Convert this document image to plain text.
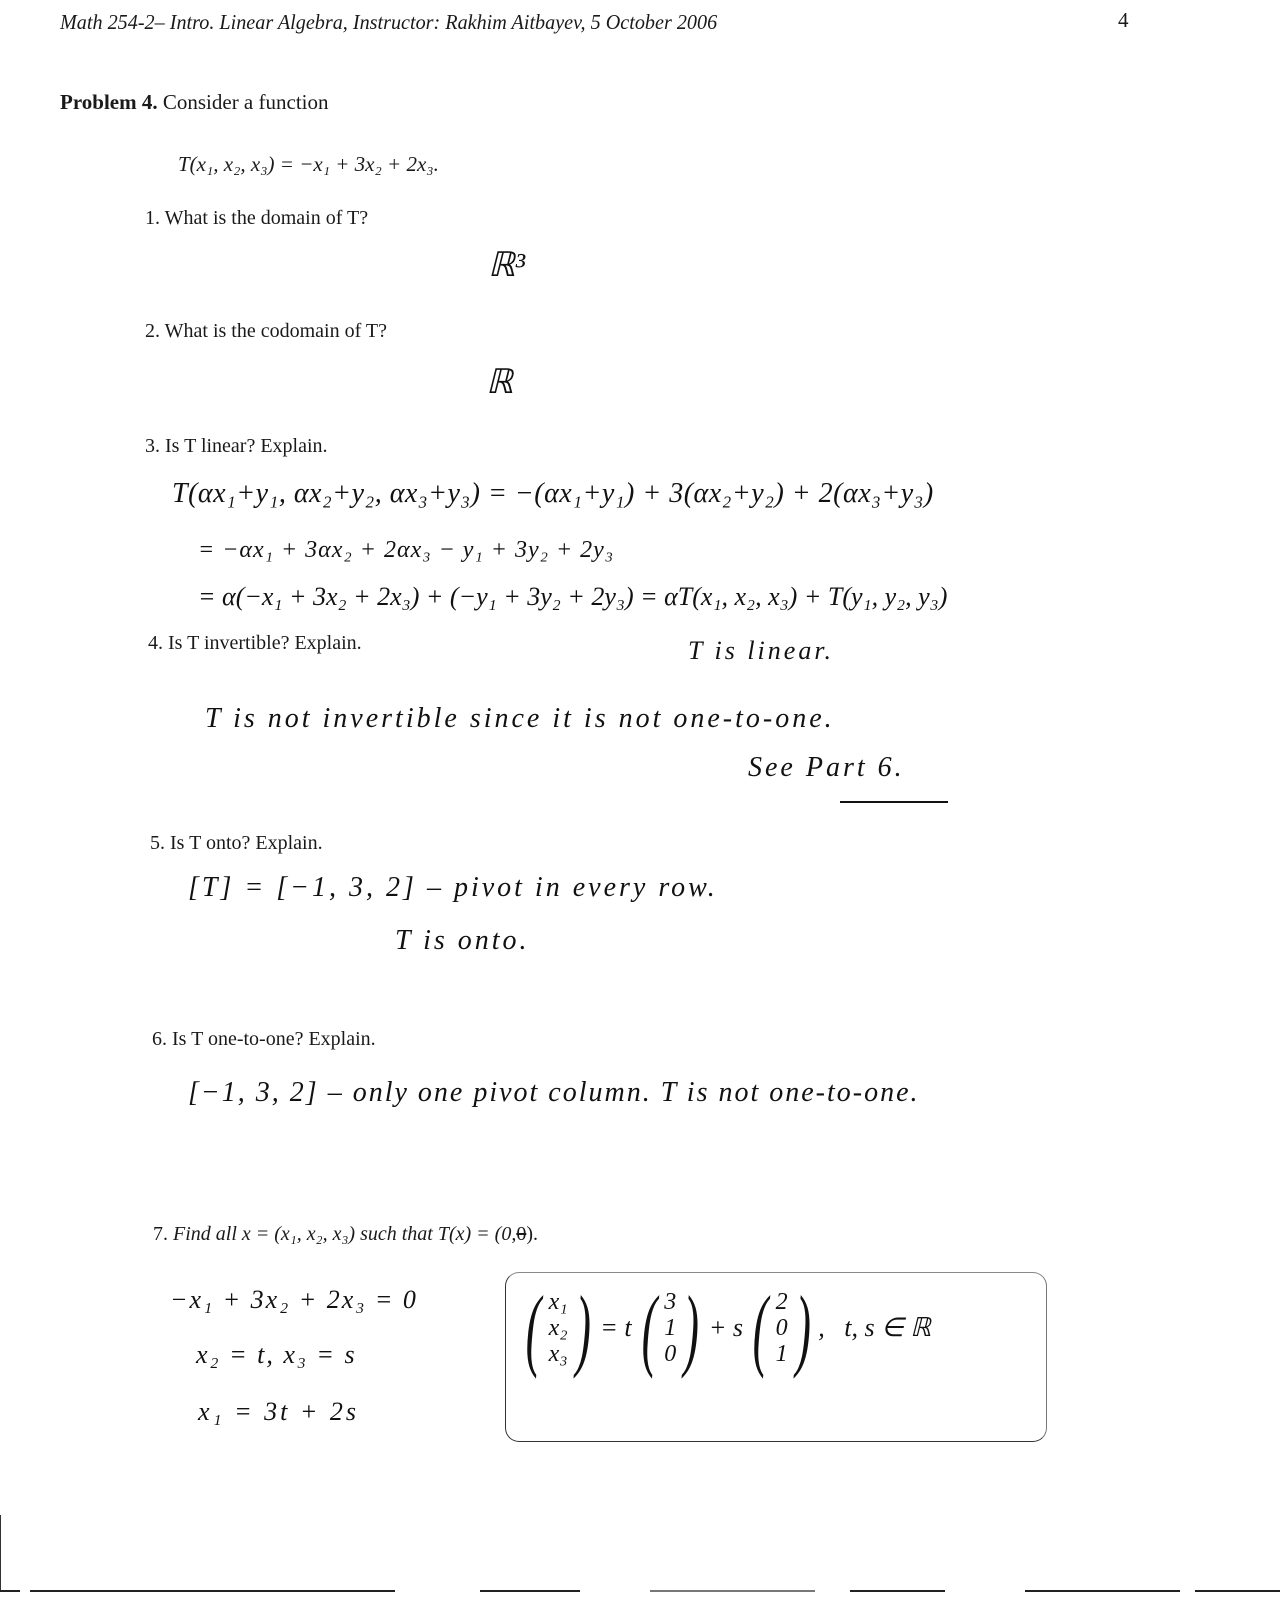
Math 254-2– Intro. Linear Algebra, Instructor: Rakhim Aitbayev, 5 October 2006	4
Problem 4. Consider a function
T(x₁, x₂, x₃) = −x₁ + 3x₂ + 2x₃.
1. What is the domain of T?
ℝ³
2. What is the codomain of T?
ℝ
3. Is T linear? Explain.
T(αx₁+y₁, αx₂+y₂, αx₃+y₃) = −(αx₁+y₁) + 3(αx₂+y₂) + 2(αx₃+y₃)
= −αx₁ + 3αx₂ + 2αx₃ − y₁ + 3y₂ + 2y₃
= α(−x₁ + 3x₂ + 2x₃) + (−y₁ + 3y₂ + 2y₃) = αT(x₁, x₂, x₃) + T(y₁, y₂, y₃)
T is linear.
4. Is T invertible? Explain.
T is not invertible since it is not one-to-one.
See Part 6.
5. Is T onto? Explain.
[T] = [−1, 3, 2] – pivot in every row.
T is onto.
6. Is T one-to-one? Explain.
[−1, 3, 2] – only one pivot column. T is not one-to-one.
7. Find all x = (x₁, x₂, x₃) such that T(x) = (0,0).
−x₁ + 3x₂ + 2x₃ = 0
x₂ = t, x₃ = s
x₁ = 3t + 2s
( x₁
x₂
x₃ ) = t ( 3
1
0 ) + s ( 2
0
1 ) ,   t, s ∈ ℝ
